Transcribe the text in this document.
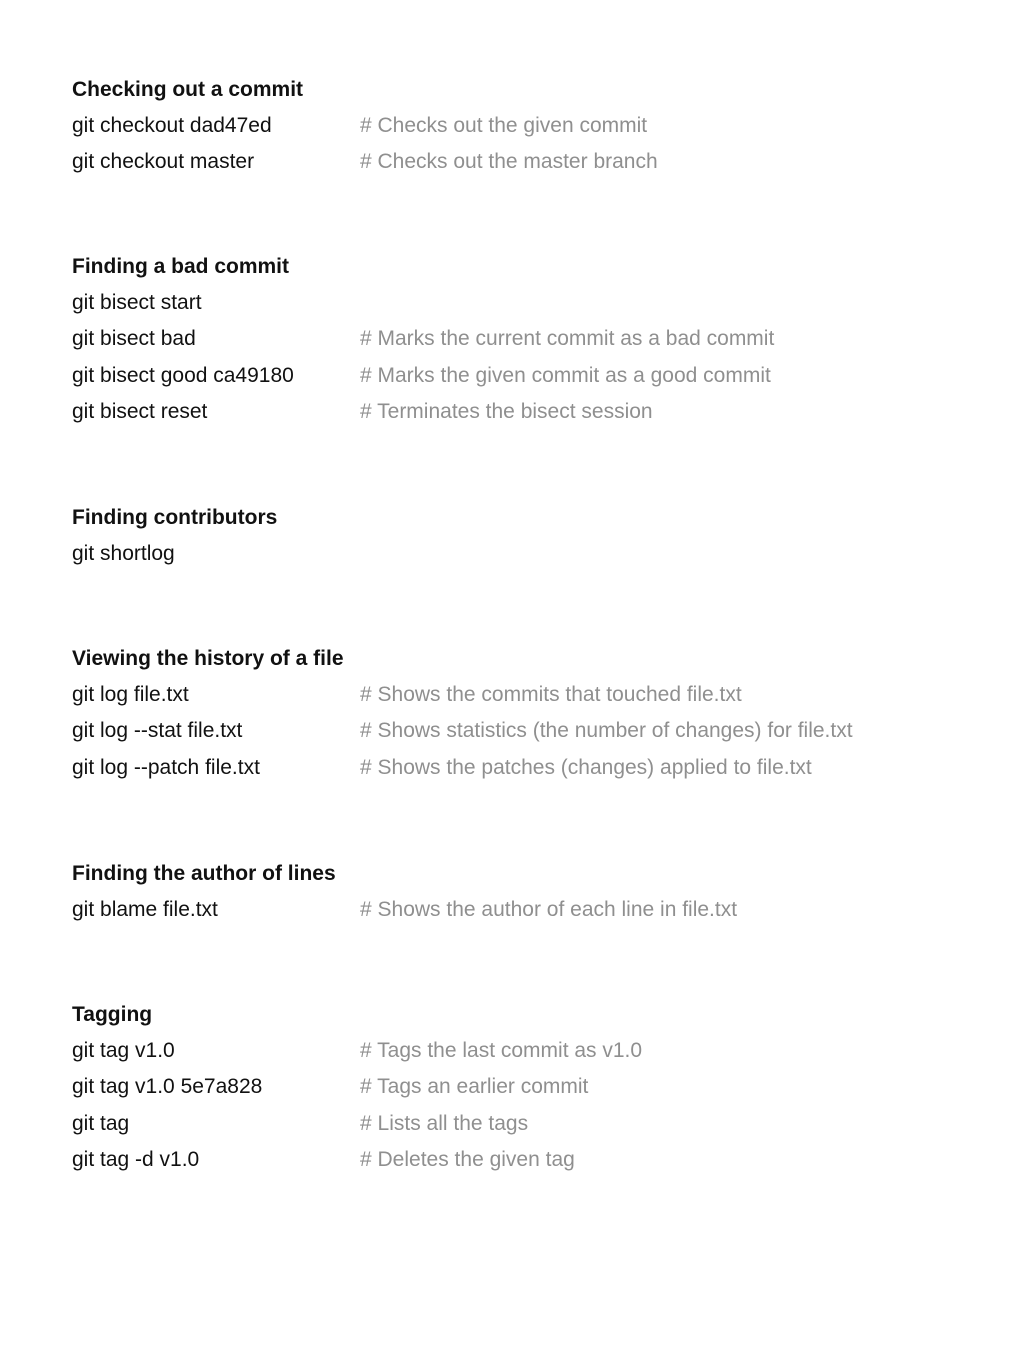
Checking out a commit
git checkout dad47ed	# Checks out the given commit
git checkout master	# Checks out the master branch
Finding a bad commit
git bisect start
git bisect bad	# Marks the current commit as a bad commit
git bisect good ca49180	# Marks the given commit as a good commit
git bisect reset	# Terminates the bisect session
Finding contributors
git shortlog
Viewing the history of a file
git log file.txt	# Shows the commits that touched file.txt
git log --stat file.txt	# Shows statistics (the number of changes) for file.txt
git log --patch file.txt	# Shows the patches (changes) applied to file.txt
Finding the author of lines
git blame file.txt	# Shows the author of each line in file.txt
Tagging
git tag v1.0	# Tags the last commit as v1.0
git tag v1.0 5e7a828	# Tags an earlier commit
git tag	# Lists all the tags
git tag -d v1.0	# Deletes the given tag
